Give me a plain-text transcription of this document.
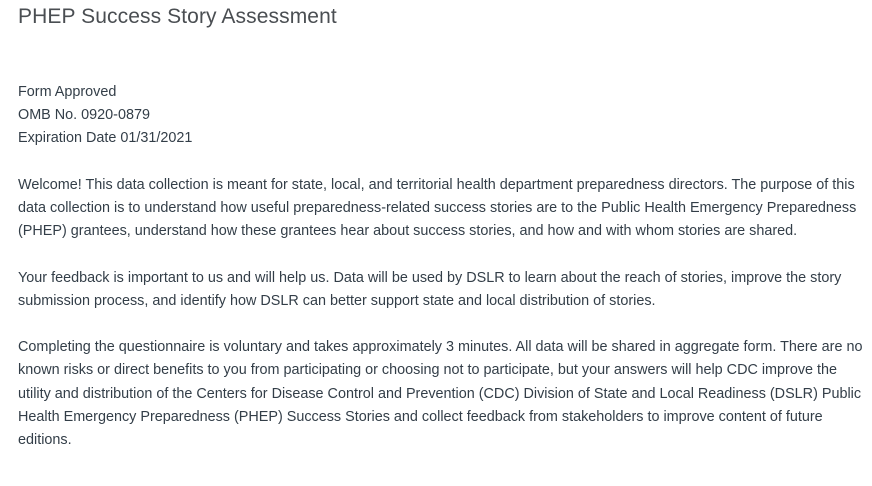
PHEP Success Story Assessment
Form Approved
OMB No. 0920-0879
Expiration Date 01/31/2021

Welcome! This data collection is meant for state, local, and territorial health department preparedness directors. The purpose of this data collection is to understand how useful preparedness-related success stories are to the Public Health Emergency Preparedness (PHEP) grantees, understand how these grantees hear about success stories, and how and with whom stories are shared.

Your feedback is important to us and will help us. Data will be used by DSLR to learn about the reach of stories, improve the story submission process, and identify how DSLR can better support state and local distribution of stories.

Completing the questionnaire is voluntary and takes approximately 3 minutes. All data will be shared in aggregate form. There are no known risks or direct benefits to you from participating or choosing not to participate, but your answers will help CDC improve the utility and distribution of the Centers for Disease Control and Prevention (CDC) Division of State and Local Readiness (DSLR) Public Health Emergency Preparedness (PHEP) Success Stories and collect feedback from stakeholders to improve content of future editions.
